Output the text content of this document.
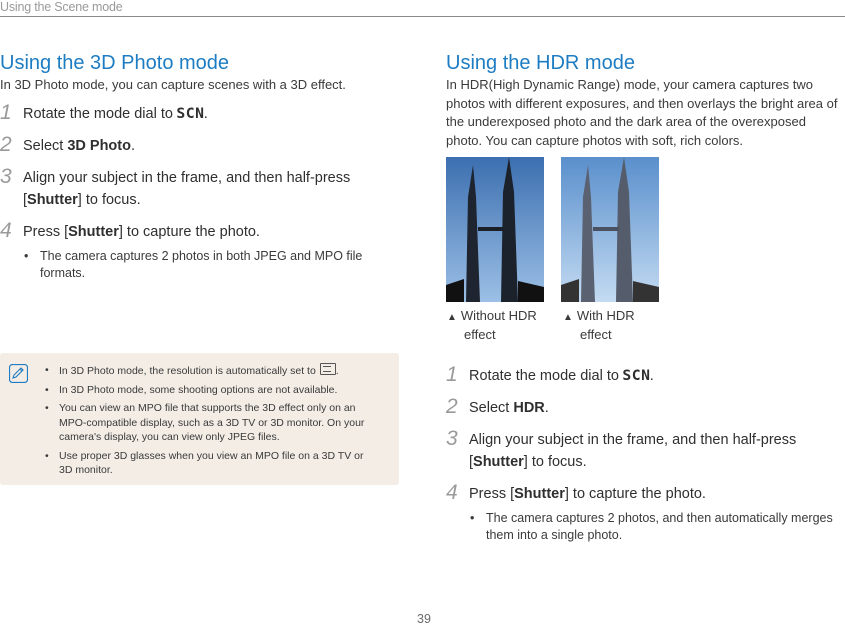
Using the Scene mode
Using the 3D Photo mode

In 3D Photo mode, you can capture scenes with a 3D effect.

1 Rotate the mode dial to SCN.
2 Select 3D Photo.
3 Align your subject in the frame, and then half-press
[Shutter] to focus.
4 Press [Shutter] to capture the photo.
• The camera captures 2 photos in both JPEG and MPO file formats.
• In 3D Photo mode, the resolution is automatically set to .
• In 3D Photo mode, some shooting options are not available.
• You can view an MPO file that supports the 3D effect only on an MPO-compatible display, such as a 3D TV or 3D monitor. On your camera's display, you can view only JPEG files.
• Use proper 3D glasses when you view an MPO file on a 3D TV or 3D monitor.
Using the HDR mode

In HDR(High Dynamic Range) mode, your camera captures two photos with different exposures, and then overlays the bright area of the underexposed photo and the dark area of the overexposed photo. You can capture photos with soft, rich colors.

▲ Without HDR
effect
▲ With HDR
effect
1 Rotate the mode dial to SCN.
2 Select HDR.
3 Align your subject in the frame, and then half-press
[Shutter] to focus.
4 Press [Shutter] to capture the photo.
• The camera captures 2 photos, and then automatically merges them into a single photo.
39
